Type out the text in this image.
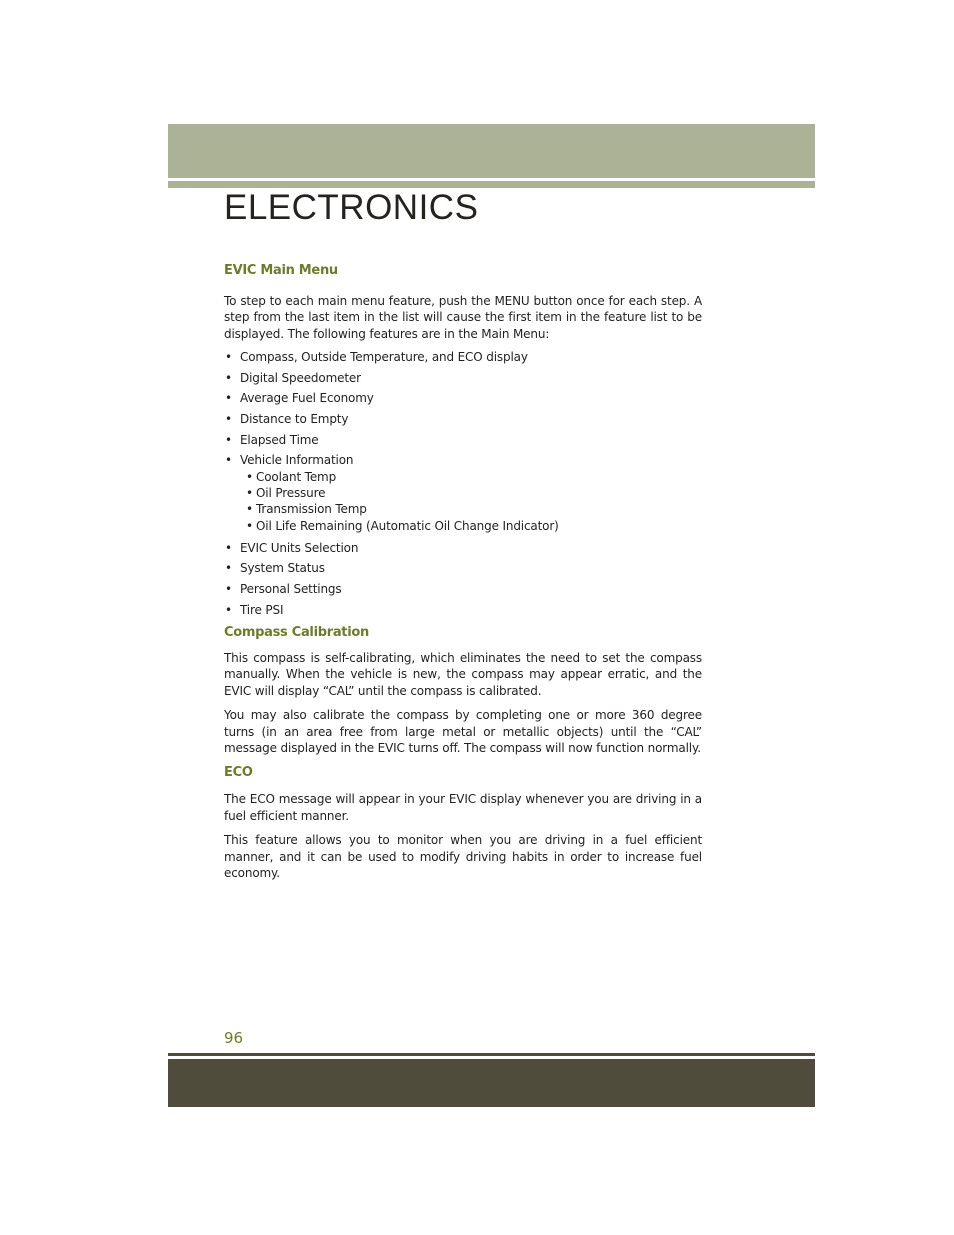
ELECTRONICS
EVIC Main Menu

To step to each main menu feature, push the MENU button once for each step. A step from the last item in the list will cause the first item in the feature list to be displayed. The following features are in the Main Menu:

• Compass, Outside Temperature, and ECO display
• Digital Speedometer
• Average Fuel Economy
• Distance to Empty
• Elapsed Time
• Vehicle Information
• Coolant Temp
• Oil Pressure
• Transmission Temp
• Oil Life Remaining (Automatic Oil Change Indicator)
• EVIC Units Selection
• System Status
• Personal Settings
• Tire PSI
Compass Calibration

This compass is self-calibrating, which eliminates the need to set the compass manually. When the vehicle is new, the compass may appear erratic, and the EVIC will display “CAL” until the compass is calibrated.

You may also calibrate the compass by completing one or more 360 degree turns (in an area free from large metal or metallic objects) until the “CAL” message displayed in the EVIC turns off. The compass will now function normally.

ECO

The ECO message will appear in your EVIC display whenever you are driving in a fuel efficient manner.

This feature allows you to monitor when you are driving in a fuel efficient manner, and it can be used to modify driving habits in order to increase fuel economy.

96
